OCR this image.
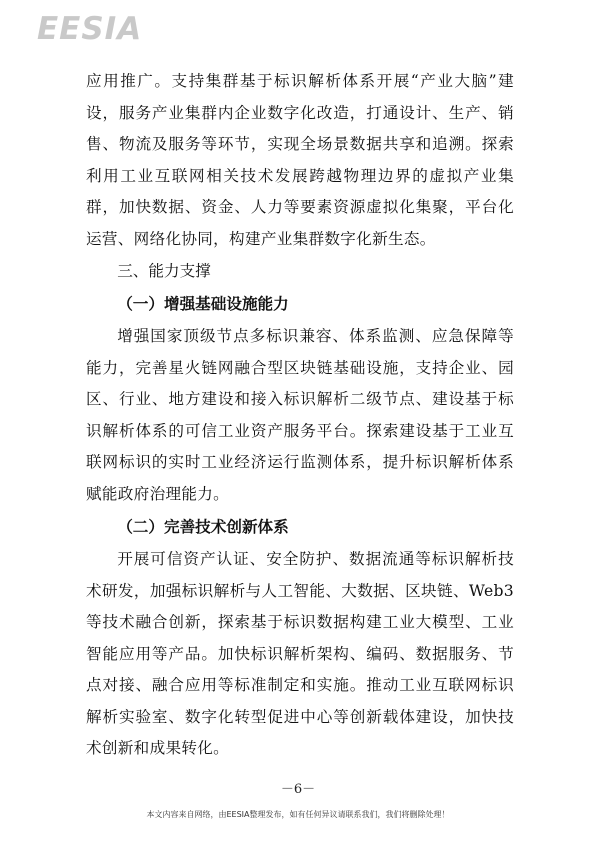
EESIA

应用推广。支持集群基于标识解析体系开展“产业大脑”建设，服务产业集群内企业数字化改造，打通设计、生产、销售、物流及服务等环节，实现全场景数据共享和追溯。探索利用工业互联网相关技术发展跨越物理边界的虚拟产业集群，加快数据、资金、人力等要素资源虚拟化集聚，平台化运营、网络化协同，构建产业集群数字化新生态。

三、能力支撑

（一）增强基础设施能力

增强国家顶级节点多标识兼容、体系监测、应急保障等能力，完善星火链网融合型区块链基础设施，支持企业、园区、行业、地方建设和接入标识解析二级节点、建设基于标识解析体系的可信工业资产服务平台。探索建设基于工业互联网标识的实时工业经济运行监测体系，提升标识解析体系赋能政府治理能力。

（二）完善技术创新体系

开展可信资产认证、安全防护、数据流通等标识解析技术研发，加强标识解析与人工智能、大数据、区块链、Web3等技术融合创新，探索基于标识数据构建工业大模型、工业智能应用等产品。加快标识解析架构、编码、数据服务、节点对接、融合应用等标准制定和实施。推动工业互联网标识解析实验室、数字化转型促进中心等创新载体建设，加快技术创新和成果转化。

－6－
本文内容来自网络，由EESIA整理发布，如有任何异议请联系我们，我们将删除处理！
